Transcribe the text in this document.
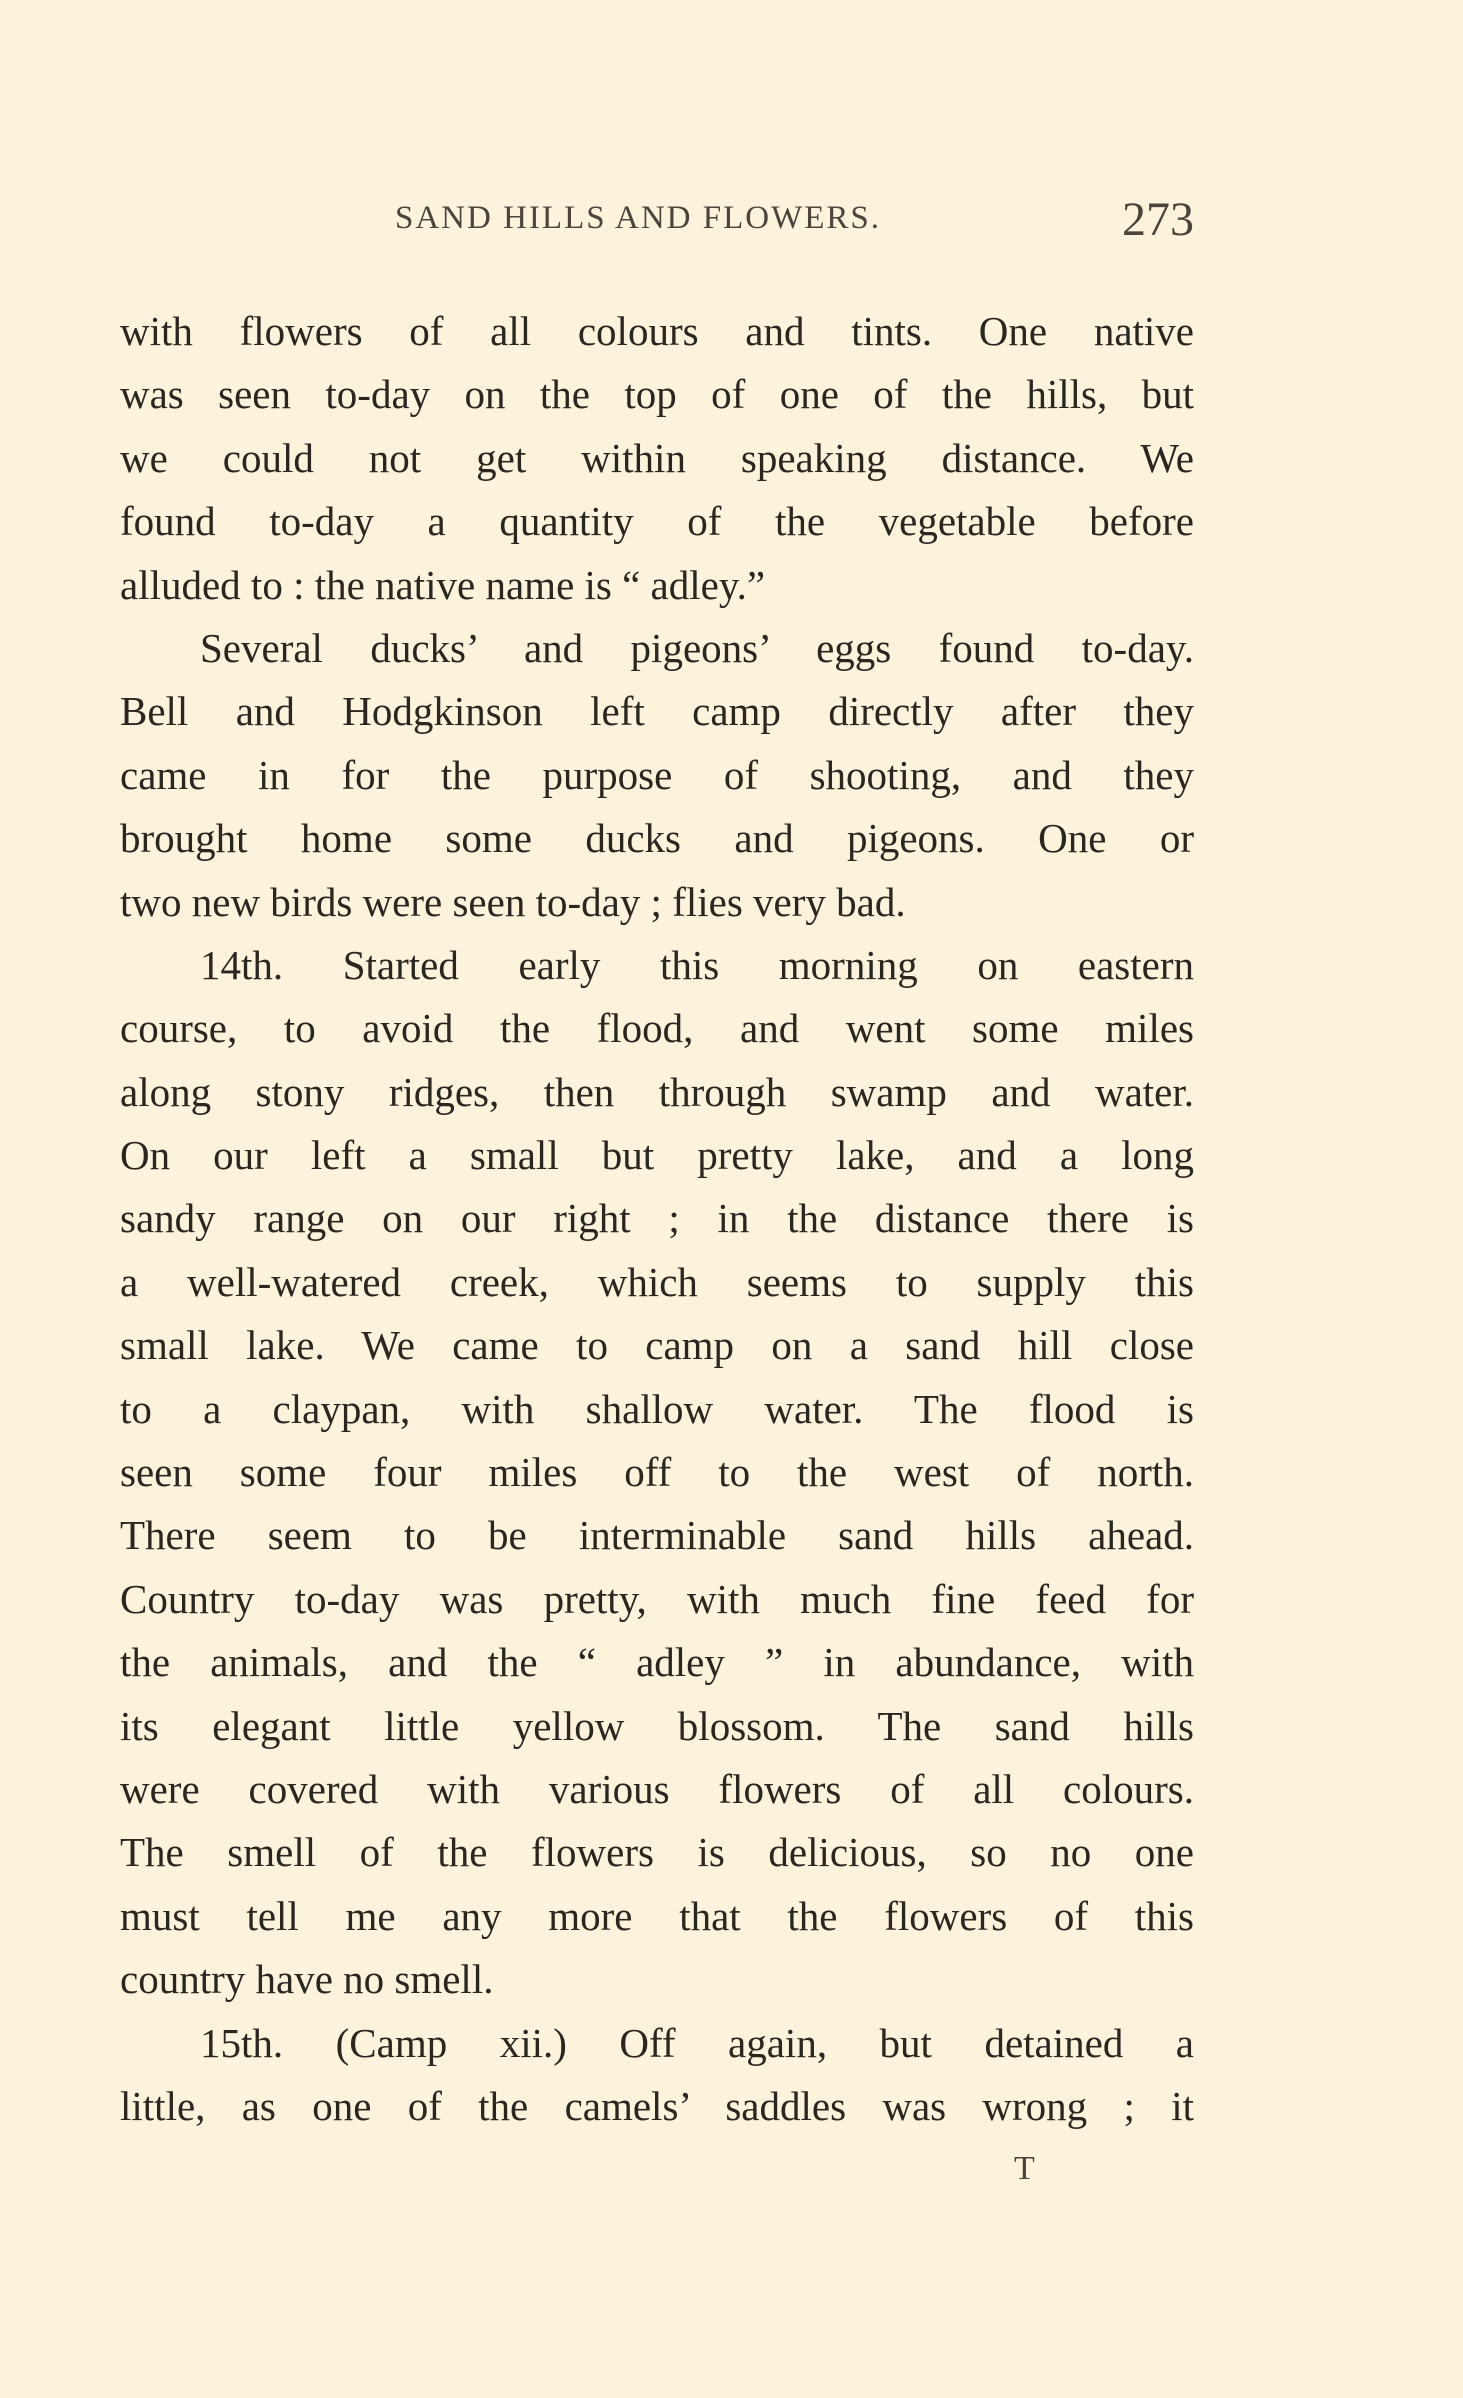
SAND HILLS AND FLOWERS.	273
with flowers of all colours and tints. One native
was seen to-day on the top of one of the hills, but
we could not get within speaking distance. We
found to-day a quantity of the vegetable before
alluded to : the native name is “ adley.”
Several ducks’ and pigeons’ eggs found to-day.
Bell and Hodgkinson left camp directly after they
came in for the purpose of shooting, and they
brought home some ducks and pigeons. One or
two new birds were seen to-day ; flies very bad.
14th. Started early this morning on eastern
course, to avoid the flood, and went some miles
along stony ridges, then through swamp and water.
On our left a small but pretty lake, and a long
sandy range on our right ; in the distance there is
a well-watered creek, which seems to supply this
small lake. We came to camp on a sand hill close
to a claypan, with shallow water. The flood is
seen some four miles off to the west of north.
There seem to be interminable sand hills ahead.
Country to-day was pretty, with much fine feed for
the animals, and the “ adley ” in abundance, with
its elegant little yellow blossom. The sand hills
were covered with various flowers of all colours.
The smell of the flowers is delicious, so no one
must tell me any more that the flowers of this
country have no smell.
15th. (Camp xii.) Off again, but detained a
little, as one of the camels’ saddles was wrong ; it
T
